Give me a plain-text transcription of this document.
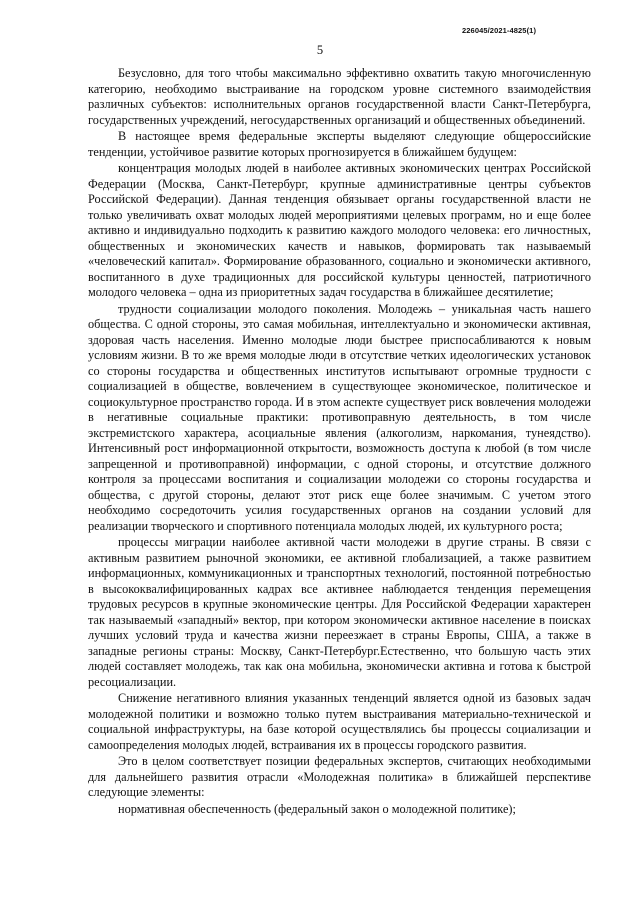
226045/2021-4825(1)
5

Безусловно, для того чтобы максимально эффективно охватить такую многочисленную категорию, необходимо выстраивание на городском уровне системного взаимодействия различных субъектов: исполнительных органов государственной власти Санкт-Петербурга, государственных учреждений, негосударственных организаций и общественных объединений.

В настоящее время федеральные эксперты выделяют следующие общероссийские тенденции, устойчивое развитие которых прогнозируется в ближайшем будущем:

концентрация молодых людей в наиболее активных экономических центрах Российской Федерации (Москва, Санкт-Петербург, крупные административные центры субъектов Российской Федерации). Данная тенденция обязывает органы государственной власти не только увеличивать охват молодых людей мероприятиями целевых программ, но и еще более активно и индивидуально подходить к развитию каждого молодого человека: его личностных, общественных и экономических качеств и навыков, формировать так называемый «человеческий капитал». Формирование образованного, социально и экономически активного, воспитанного в духе традиционных для российской культуры ценностей, патриотичного молодого человека – одна из приоритетных задач государства в ближайшее десятилетие;

трудности социализации молодого поколения. Молодежь – уникальная часть нашего общества. С одной стороны, это самая мобильная, интеллектуально и экономически активная, здоровая часть населения. Именно молодые люди быстрее приспосабливаются к новым условиям жизни. В то же время молодые люди в отсутствие четких идеологических установок со стороны государства и общественных институтов испытывают огромные трудности с социализацией в обществе, вовлечением в существующее экономическое, политическое и социокультурное пространство города. И в этом аспекте существует риск вовлечения молодежи в негативные социальные практики: противоправную деятельность, в том числе экстремистского характера, асоциальные явления (алкоголизм, наркомания, тунеядство). Интенсивный рост информационной открытости, возможность доступа к любой (в том числе запрещенной и противоправной) информации, с одной стороны, и отсутствие должного контроля за процессами воспитания и социализации молодежи со стороны государства и общества, с другой стороны, делают этот риск еще более значимым. С учетом этого необходимо сосредоточить усилия государственных органов на создании условий для реализации творческого и спортивного потенциала молодых людей, их культурного роста;

процессы миграции наиболее активной части молодежи в другие страны. В связи с активным развитием рыночной экономики, ее активной глобализацией, а также развитием информационных, коммуникационных и транспортных технологий, постоянной потребностью в высококвалифицированных кадрах все активнее наблюдается тенденция перемещения трудовых ресурсов в крупные экономические центры. Для Российской Федерации характерен так называемый «западный» вектор, при котором экономически активное население в поисках лучших условий труда и качества жизни переезжает в страны Европы, США, а также в западные регионы страны: Москву, Санкт-Петербург.Естественно, что большую часть этих людей составляет молодежь, так как она мобильна, экономически активна и готова к быстрой ресоциализации.

Снижение негативного влияния указанных тенденций является одной из базовых задач молодежной политики и возможно только путем выстраивания материально-технической и социальной инфраструктуры, на базе которой осуществлялись бы процессы социализации и самоопределения молодых людей, встраивания их в процессы городского развития.

Это в целом соответствует позиции федеральных экспертов, считающих необходимыми для дальнейшего развития отрасли «Молодежная политика» в ближайшей перспективе следующие элементы:

нормативная обеспеченность (федеральный закон о молодежной политике);
